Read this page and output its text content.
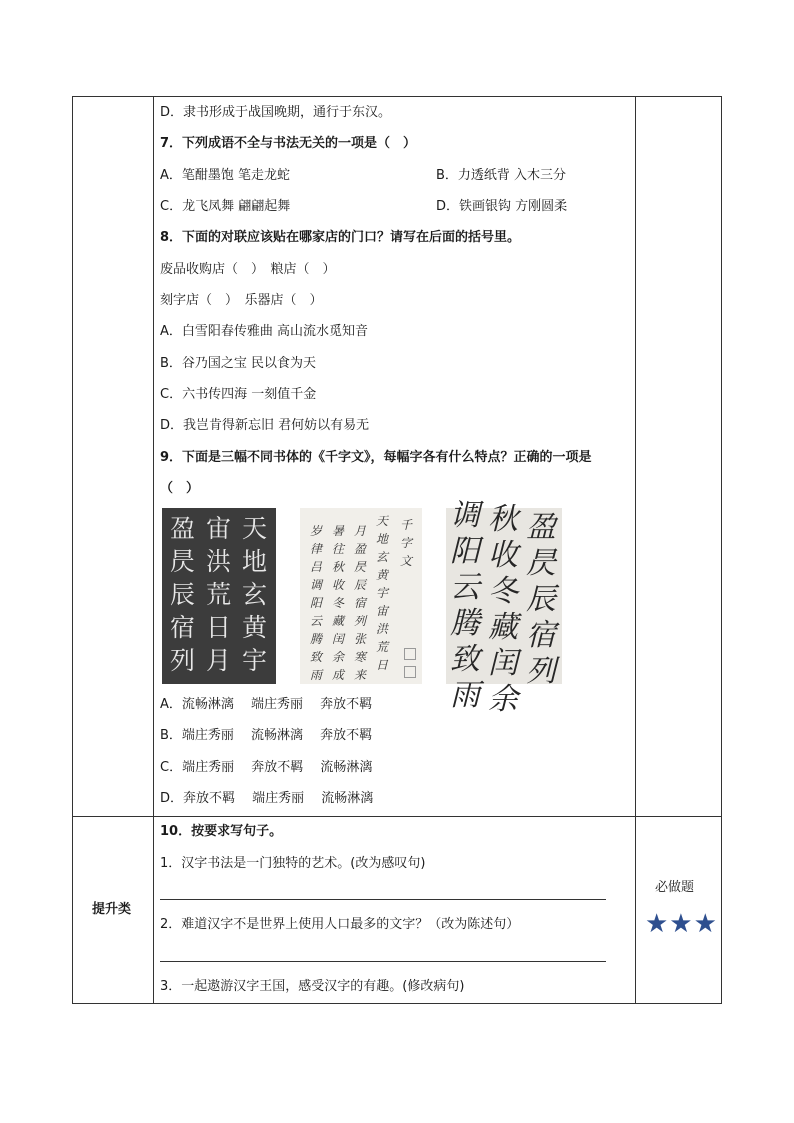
D．隶书形成于战国晚期，通行于东汉。
7．下列成语不全与书法无关的一项是（　）
A．笔酣墨饱 笔走龙蛇	B．力透纸背 入木三分
C．龙飞凤舞 翩翩起舞	D．铁画银钩 方刚圆柔
8．下面的对联应该贴在哪家店的门口？请写在后面的括号里。
废品收购店（　）　粮店（　）
刻字店（　）　乐器店（　）
A．白雪阳春传雅曲 高山流水觅知音
B．谷乃国之宝 民以食为天
C．六书传四海 一刻值千金
D．我岂肯得新忘旧 君何妨以有易无
9．下面是三幅不同书体的《千字文》，每幅字各有什么特点？正确的一项是
（　）
天
地
玄
黄
宇
宙
洪
荒
日
月
盈
昃
辰
宿
列
千
字
文
天
地
玄
黄
宇
宙
洪
荒
日
月
盈
昃
辰
宿
列
张
寒
来
暑
往
秋
收
冬
藏
闰
余
成
岁
律
吕
调
阳
云
腾
致
雨
盈
昃
辰
宿
列
秋
收
冬
藏
闰
余
调
阳
云
腾
致
雨
A．流畅淋漓　 端庄秀丽　 奔放不羁
B．端庄秀丽　 流畅淋漓　 奔放不羁
C．端庄秀丽　 奔放不羁　 流畅淋漓
D．奔放不羁　 端庄秀丽　 流畅淋漓
提升类
10．按要求写句子。
1．汉字书法是一门独特的艺术。(改为感叹句)
2．难道汉字不是世界上使用人口最多的文字？（改为陈述句）
3．一起遨游汉字王国，感受汉字的有趣。(修改病句)
必做题
★★★
